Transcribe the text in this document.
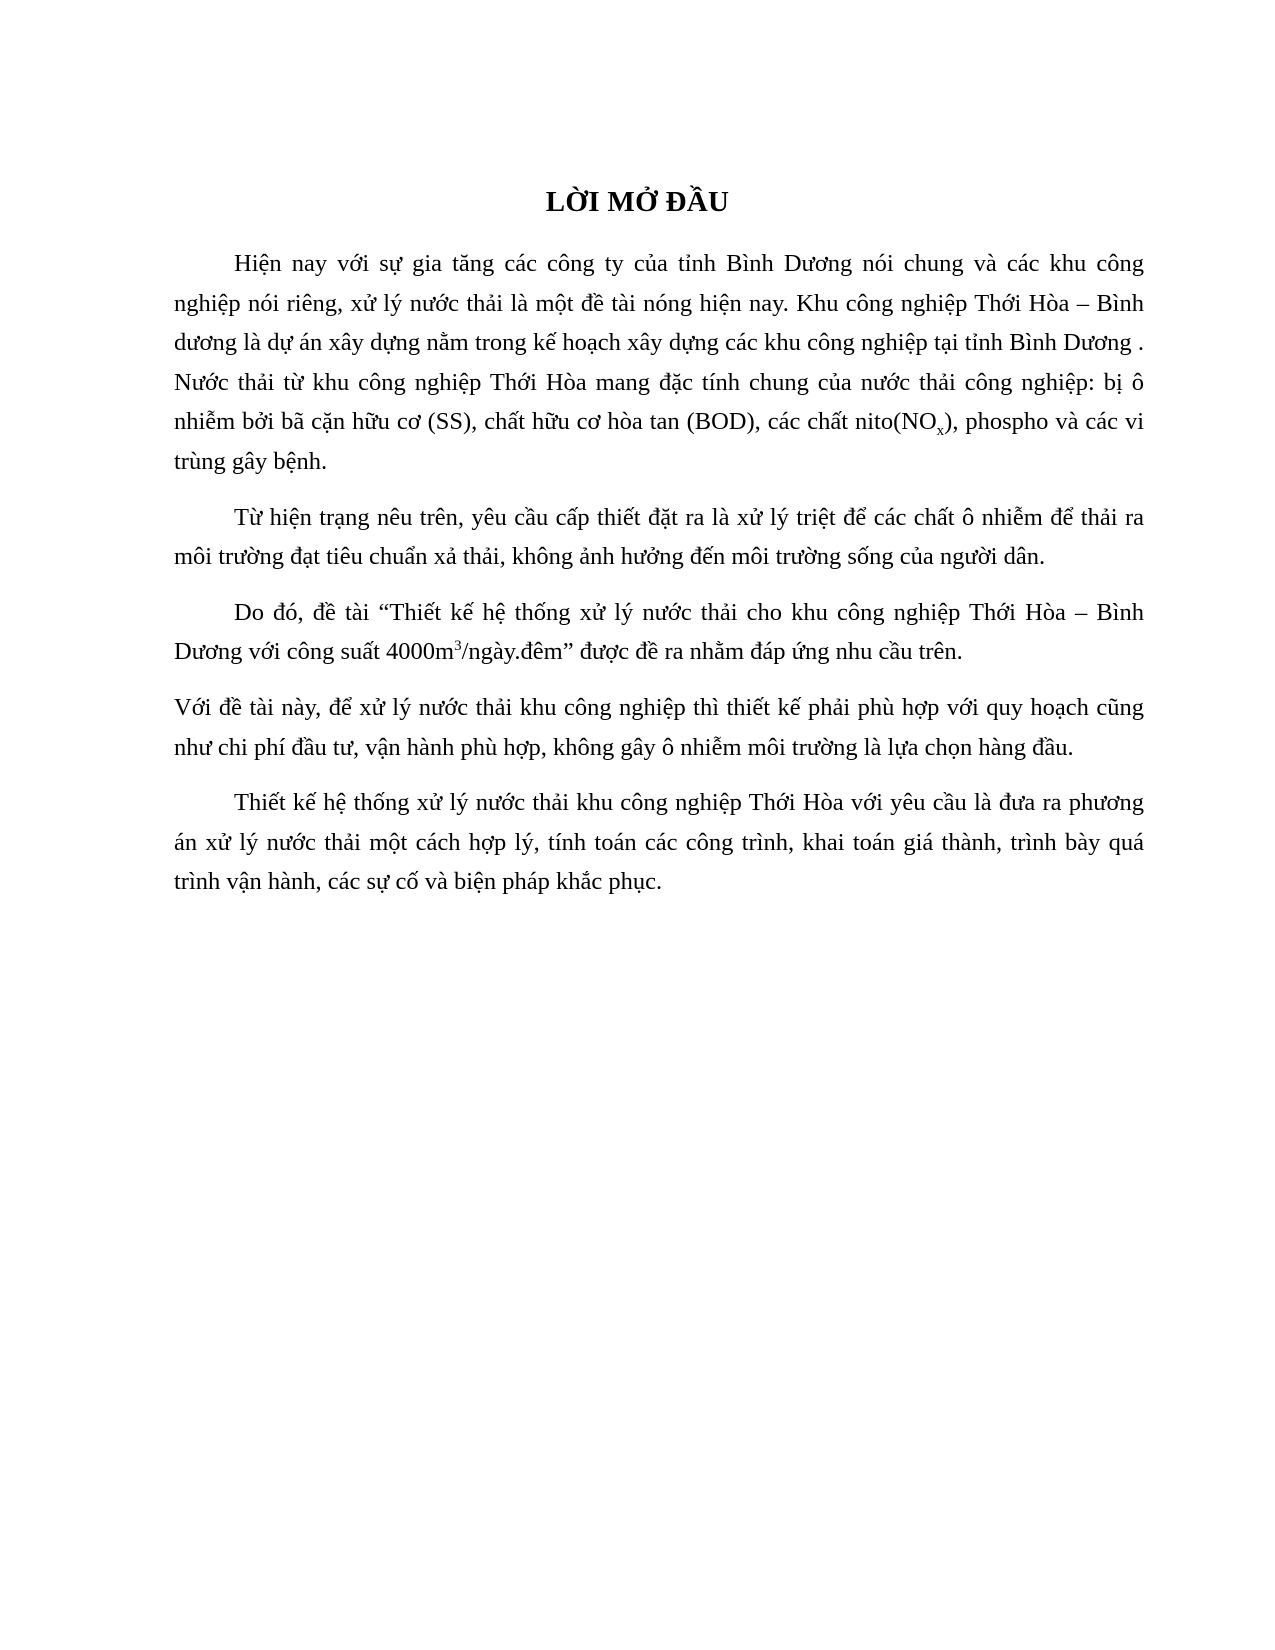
LỜI MỞ ĐẦU

Hiện nay với sự gia tăng các công ty của tỉnh Bình Dương nói chung và các khu công nghiệp nói riêng, xử lý nước thải là một đề tài nóng hiện nay. Khu công nghiệp Thới Hòa – Bình dương là dự án xây dựng nằm trong kế hoạch xây dựng các khu công nghiệp tại tỉnh Bình Dương . Nước thải từ khu công nghiệp Thới Hòa mang đặc tính chung của nước thải công nghiệp: bị ô nhiễm bởi bã cặn hữu cơ (SS), chất hữu cơ hòa tan (BOD), các chất $nito(NO_x)$, phospho và các vi trùng gây bệnh.

Từ hiện trạng nêu trên, yêu cầu cấp thiết đặt ra là xử lý triệt để các chất ô nhiễm để thải ra môi trường đạt tiêu chuẩn xả thải, không ảnh hưởng đến môi trường sống của người dân.

Do đó, đề tài “Thiết kế hệ thống xử lý nước thải cho khu công nghiệp Thới Hòa – Bình Dương với công suất $4000m^3/ngày.đêm$” được đề ra nhằm đáp ứng nhu cầu trên.

Với đề tài này, để xử lý nước thải khu công nghiệp thì thiết kế phải phù hợp với quy hoạch cũng như chi phí đầu tư, vận hành phù hợp, không gây ô nhiễm môi trường là lựa chọn hàng đầu.

Thiết kế hệ thống xử lý nước thải khu công nghiệp Thới Hòa với yêu cầu là đưa ra phương án xử lý nước thải một cách hợp lý, tính toán các công trình, khai toán giá thành, trình bày quá trình vận hành, các sự cố và biện pháp khắc phục.
